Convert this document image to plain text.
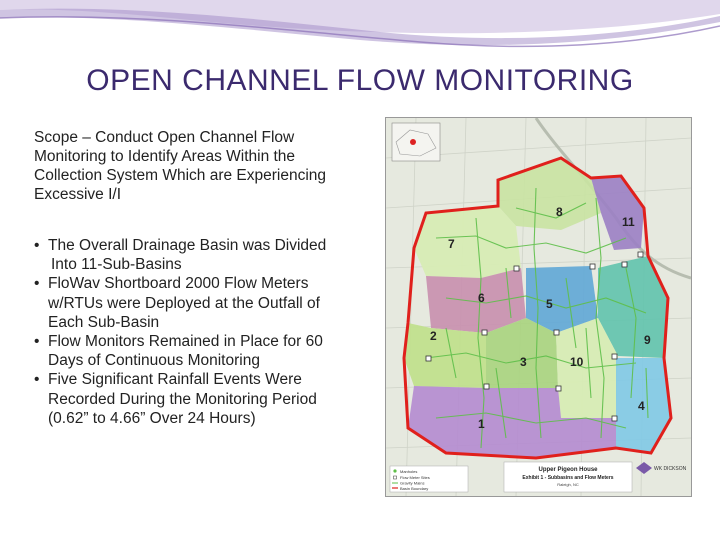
OPEN CHANNEL FLOW MONITORING
Scope – Conduct Open Channel Flow
Monitoring to Identify Areas Within the
Collection System Which are Experiencing
Excessive I/I
• The Overall Drainage Basin was Divided
Into 11-Sub-Basins
• FloWav Shortboard 2000 Flow Meters
w/RTUs were Deployed at the Outfall of
Each Sub-Basin
• Flow Monitors Remained in Place for 60
Days of Continuous Monitoring
• Five Significant Rainfall Events Were
Recorded During the Monitoring Period
(0.62” to 4.66” Over 24 Hours)
8
11
7
6	5
9
2
3	10
4
1
Manholes
Flow Meter Sites
Gravity Mains
Basin Boundary
Upper Pigeon House
Exhibit 1 - Subbasins and Flow Meters
Raleigh, NC
WK DICKSON
